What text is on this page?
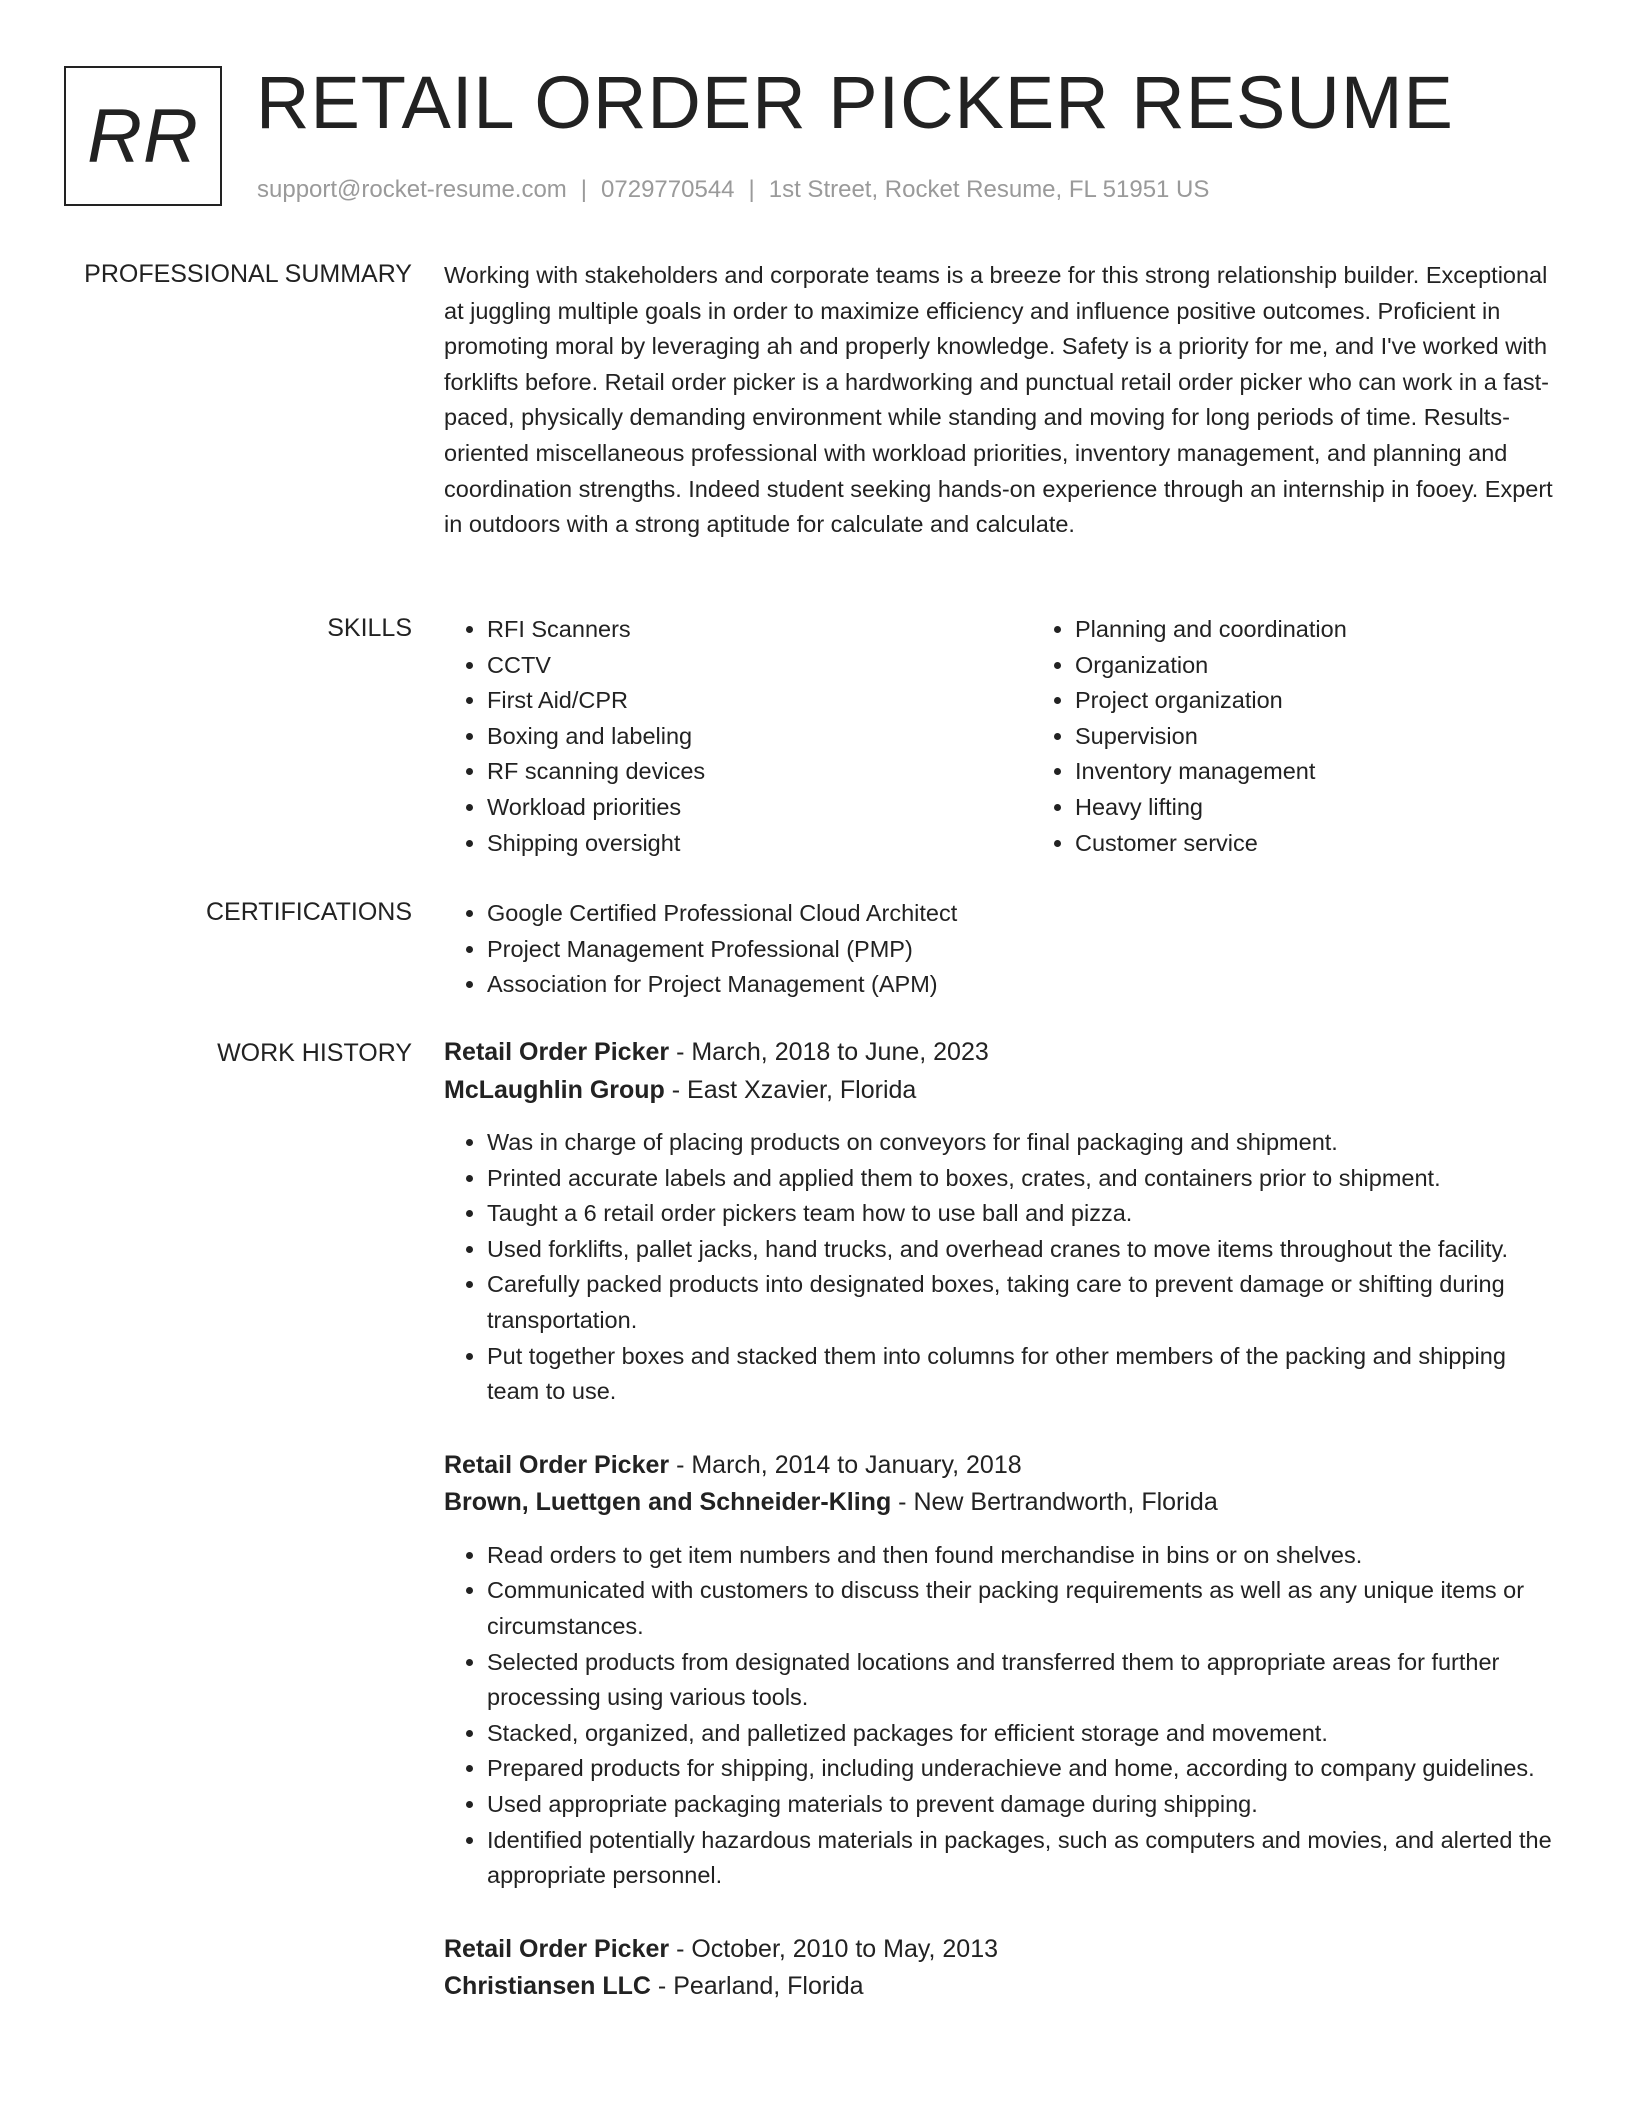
RR RETAIL ORDER PICKER RESUME
support@rocket-resume.com | 0729770544 | 1st Street, Rocket Resume, FL 51951 US
PROFESSIONAL SUMMARY Working with stakeholders and corporate teams is a breeze for this strong relationship builder. Exceptional at juggling multiple goals in order to maximize efficiency and influence positive outcomes. Proficient in promoting moral by leveraging ah and properly knowledge. Safety is a priority for me, and I've worked with forklifts before. Retail order picker is a hardworking and punctual retail order picker who can work in a fast-paced, physically demanding environment while standing and moving for long periods of time. Results-oriented miscellaneous professional with workload priorities, inventory management, and planning and coordination strengths. Indeed student seeking hands-on experience through an internship in fooey. Expert in outdoors with a strong aptitude for calculate and calculate.
SKILLS	• RFI Scanners
• CCTV
• First Aid/CPR
• Boxing and labeling
• RF scanning devices
• Workload priorities
• Shipping oversight
• Planning and coordination
• Organization
• Project organization
• Supervision
• Inventory management
• Heavy lifting
• Customer service
CERTIFICATIONS	• Google Certified Professional Cloud Architect
• Project Management Professional (PMP)
• Association for Project Management (APM)
WORK HISTORY Retail Order Picker - March, 2018 to June, 2023
McLaughlin Group - East Xzavier, Florida
• Was in charge of placing products on conveyors for final packaging and shipment.
• Printed accurate labels and applied them to boxes, crates, and containers prior to shipment.
• Taught a 6 retail order pickers team how to use ball and pizza.
• Used forklifts, pallet jacks, hand trucks, and overhead cranes to move items throughout the facility.
• Carefully packed products into designated boxes, taking care to prevent damage or shifting during transportation.
• Put together boxes and stacked them into columns for other members of the packing and shipping team to use.
Retail Order Picker - March, 2014 to January, 2018
Brown, Luettgen and Schneider-Kling - New Bertrandworth, Florida
• Read orders to get item numbers and then found merchandise in bins or on shelves.
• Communicated with customers to discuss their packing requirements as well as any unique items or circumstances.
• Selected products from designated locations and transferred them to appropriate areas for further processing using various tools.
• Stacked, organized, and palletized packages for efficient storage and movement.
• Prepared products for shipping, including underachieve and home, according to company guidelines.
• Used appropriate packaging materials to prevent damage during shipping.
• Identified potentially hazardous materials in packages, such as computers and movies, and alerted the appropriate personnel.
Retail Order Picker - October, 2010 to May, 2013
Christiansen LLC - Pearland, Florida
